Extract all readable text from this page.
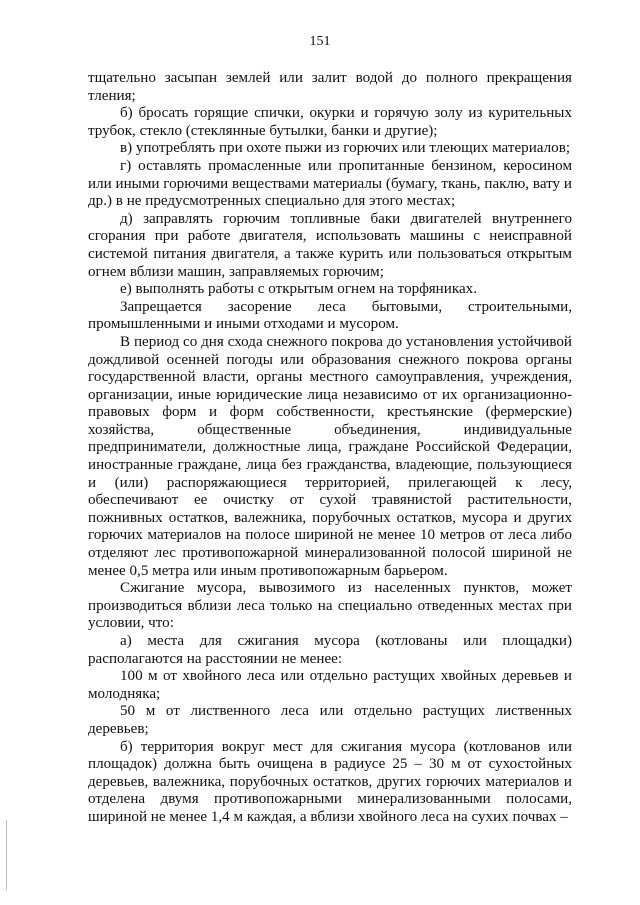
151

тщательно засыпан землей или залит водой до полного прекращения тления;

б) бросать горящие спички, окурки и горячую золу из курительных трубок, стекло (стеклянные бутылки, банки и другие);

в) употреблять при охоте пыжи из горючих или тлеющих материалов;

г) оставлять промасленные или пропитанные бензином, керосином или иными горючими веществами материалы (бумагу, ткань, паклю, вату и др.) в не предусмотренных специально для этого местах;

д) заправлять горючим топливные баки двигателей внутреннего сгорания при работе двигателя, использовать машины с неисправной системой питания двигателя, а также курить или пользоваться открытым огнем вблизи машин, заправляемых горючим;

е) выполнять работы с открытым огнем на торфяниках.

Запрещается засорение леса бытовыми, строительными, промышленными и иными отходами и мусором.

В период со дня схода снежного покрова до установления устойчивой дождливой осенней погоды или образования снежного покрова органы государственной власти, органы местного самоуправления, учреждения, организации, иные юридические лица независимо от их организационно-правовых форм и форм собственности, крестьянские (фермерские) хозяйства, общественные объединения, индивидуальные предприниматели, должностные лица, граждане Российской Федерации, иностранные граждане, лица без гражданства, владеющие, пользующиеся и (или) распоряжающиеся территорией, прилегающей к лесу, обеспечивают ее очистку от сухой травянистой растительности, пожнивных остатков, валежника, порубочных остатков, мусора и других горючих материалов на полосе шириной не менее 10 метров от леса либо отделяют лес противопожарной минерализованной полосой шириной не менее 0,5 метра или иным противопожарным барьером.

Сжигание мусора, вывозимого из населенных пунктов, может производиться вблизи леса только на специально отведенных местах при условии, что:

а) места для сжигания мусора (котлованы или площадки) располагаются на расстоянии не менее:

100 м от хвойного леса или отдельно растущих хвойных деревьев и молодняка;

50 м от лиственного леса или отдельно растущих лиственных деревьев;

б) территория вокруг мест для сжигания мусора (котлованов или площадок) должна быть очищена в радиусе 25 – 30 м от сухостойных деревьев, валежника, порубочных остатков, других горючих материалов и отделена двумя противопожарными минерализованными полосами, шириной не менее 1,4 м каждая, а вблизи хвойного леса на сухих почвах –
